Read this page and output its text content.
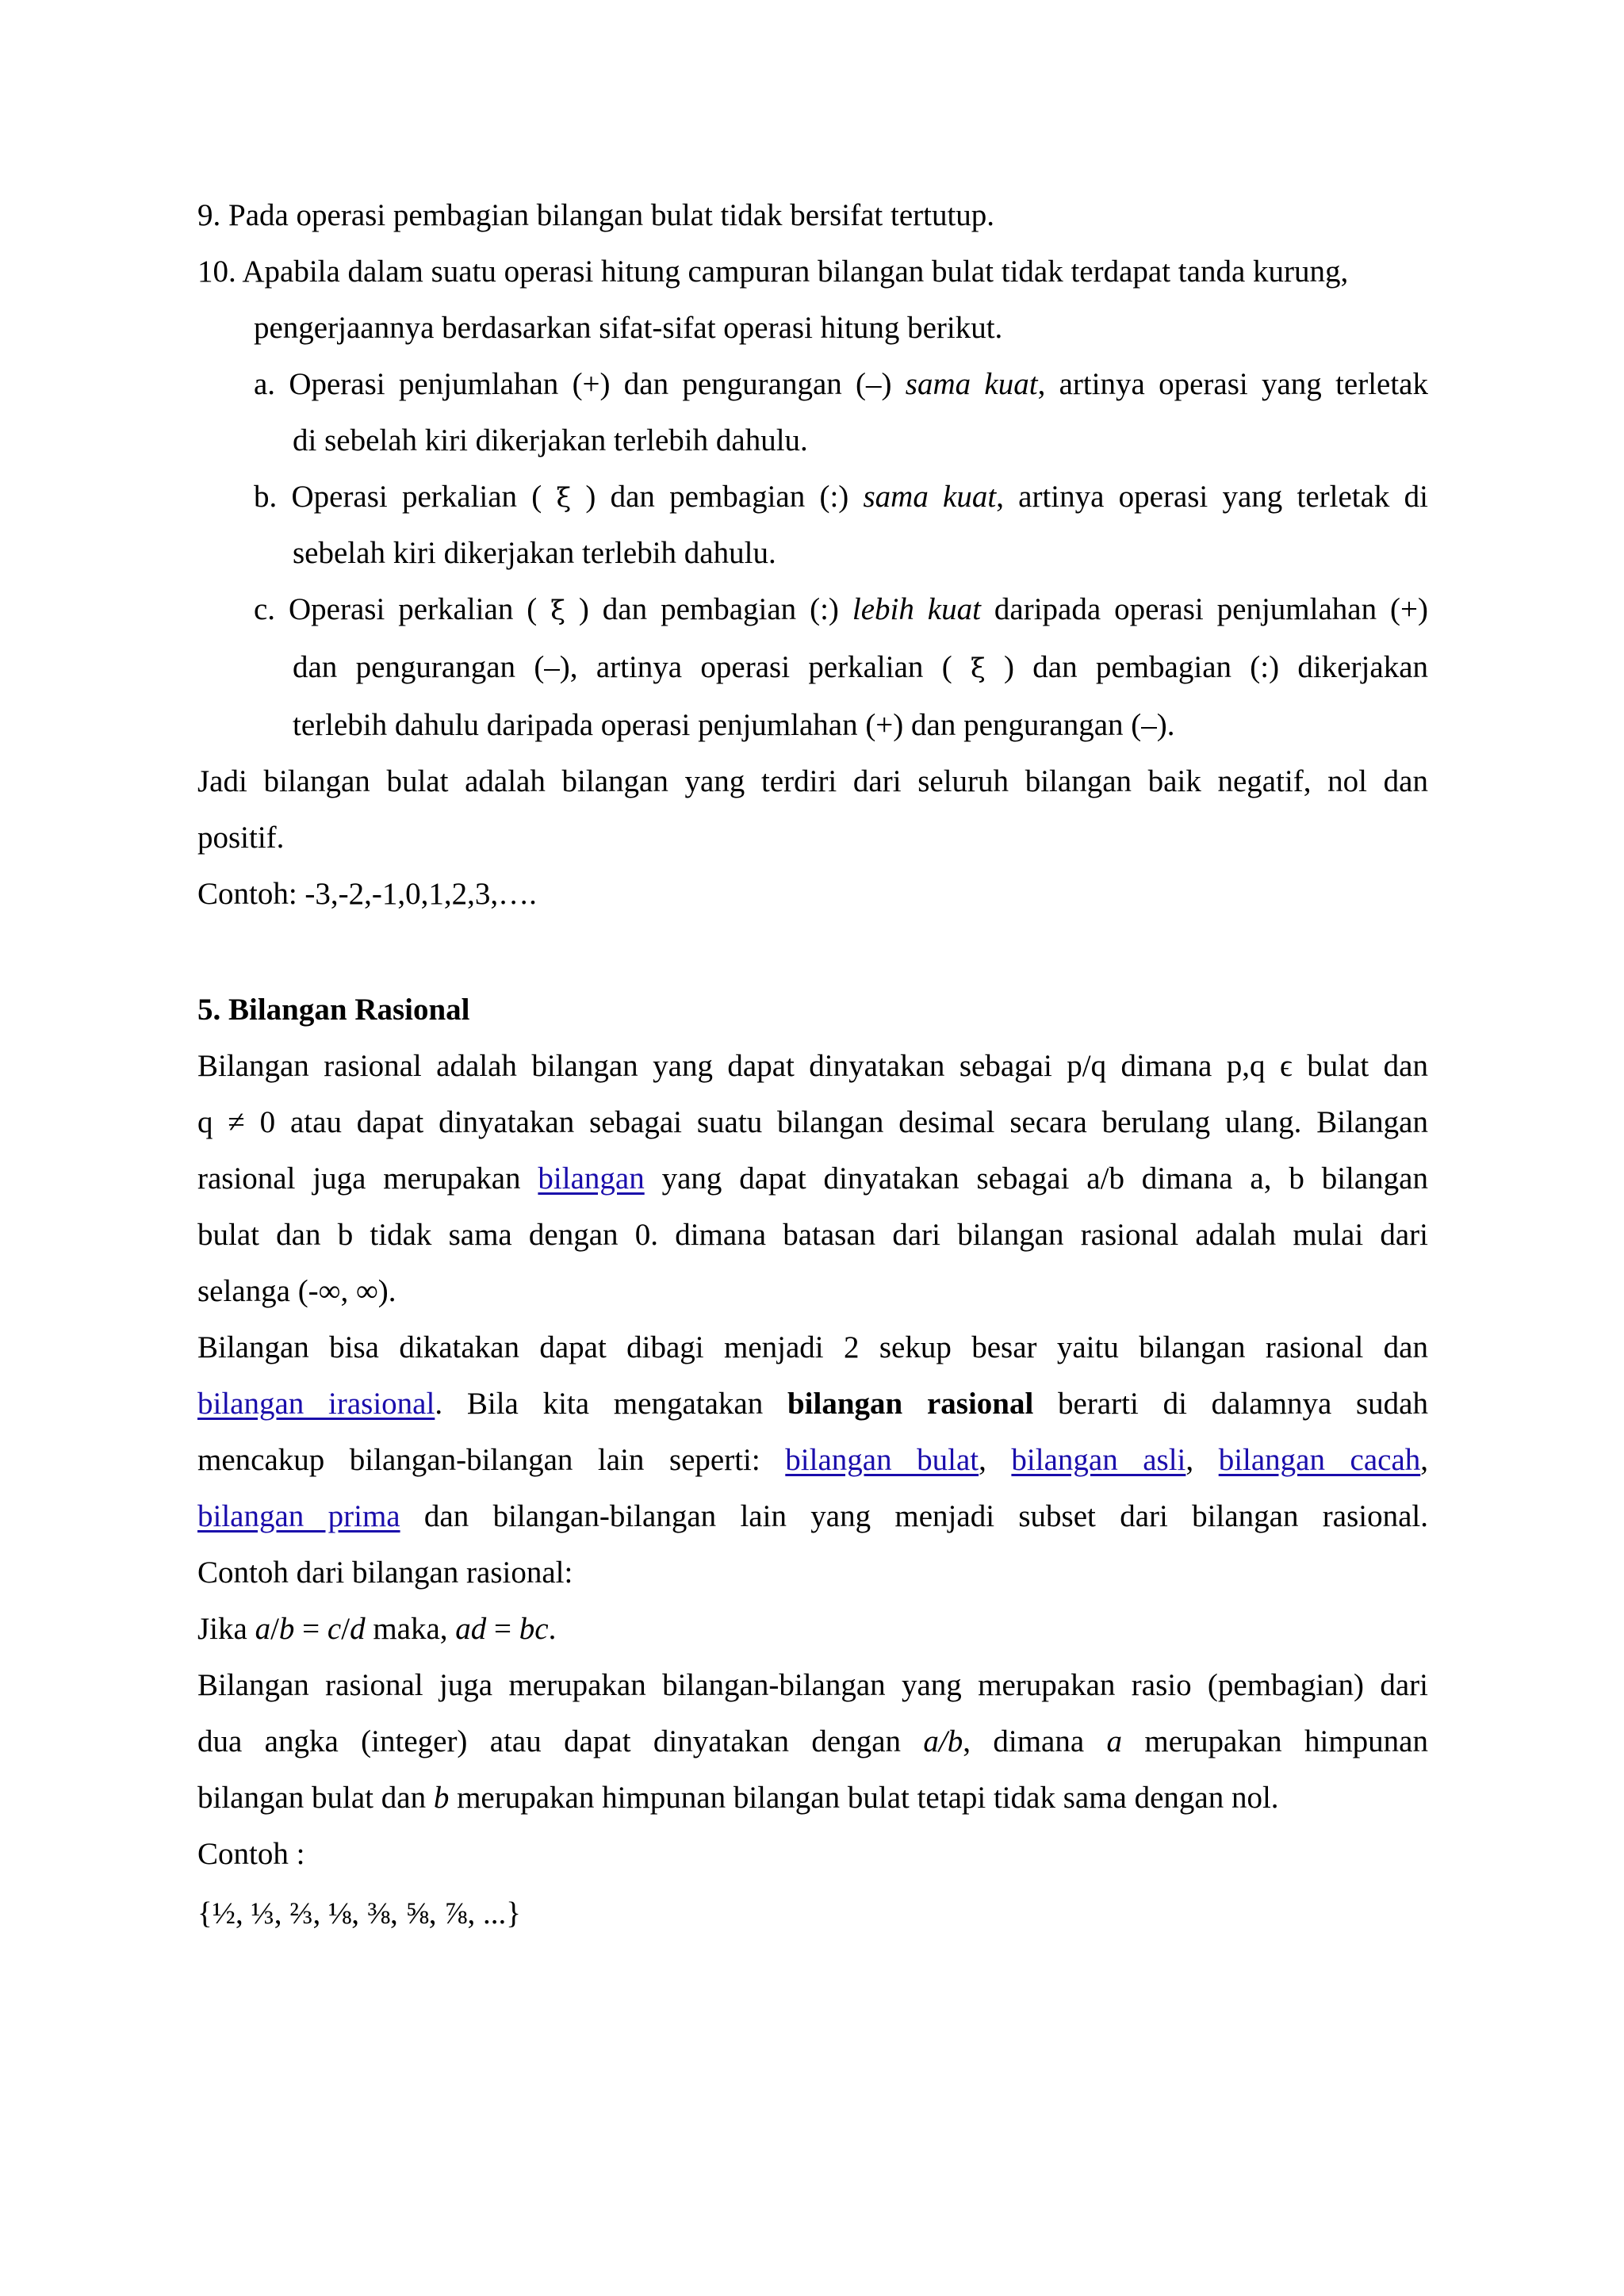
9. Pada operasi pembagian bilangan bulat tidak bersifat tertutup.
10. Apabila dalam suatu operasi hitung campuran bilangan bulat tidak terdapat tanda kurung,
pengerjaannya berdasarkan sifat-sifat operasi hitung berikut.
a. Operasi penjumlahan (+) dan pengurangan (–) sama kuat, artinya operasi yang terletak
di sebelah kiri dikerjakan terlebih dahulu.
b. Operasi perkalian ( ξ ) dan pembagian (:) sama kuat, artinya operasi yang terletak di
sebelah kiri dikerjakan terlebih dahulu.
c. Operasi perkalian ( ξ ) dan pembagian (:) lebih kuat daripada operasi penjumlahan (+)
dan pengurangan (–), artinya operasi perkalian ( ξ ) dan pembagian (:) dikerjakan
terlebih dahulu daripada operasi penjumlahan (+) dan pengurangan (–).
Jadi bilangan bulat adalah bilangan yang terdiri dari seluruh bilangan baik negatif, nol dan
positif.
Contoh: -3,-2,-1,0,1,2,3,….
5. Bilangan Rasional
Bilangan rasional adalah bilangan yang dapat dinyatakan sebagai p/q dimana p,q ϵ bulat dan
q ≠ 0 atau dapat dinyatakan sebagai suatu bilangan desimal secara berulang ulang. Bilangan
rasional juga merupakan bilangan yang dapat dinyatakan sebagai a/b dimana a, b bilangan
bulat dan b tidak sama dengan 0. dimana batasan dari bilangan rasional adalah mulai dari
selanga (-∞, ∞).
Bilangan bisa dikatakan dapat dibagi menjadi 2 sekup besar yaitu bilangan rasional dan
bilangan irasional. Bila kita mengatakan bilangan rasional berarti di dalamnya sudah
mencakup bilangan-bilangan lain seperti: bilangan bulat, bilangan asli, bilangan cacah,
bilangan prima dan bilangan-bilangan lain yang menjadi subset dari bilangan rasional.
Contoh dari bilangan rasional:
Jika a/b = c/d maka, ad = bc.
Bilangan rasional juga merupakan bilangan-bilangan yang merupakan rasio (pembagian) dari
dua angka (integer) atau dapat dinyatakan dengan a/b, dimana a merupakan himpunan
bilangan bulat dan b merupakan himpunan bilangan bulat tetapi tidak sama dengan nol.
Contoh :
{½, ⅓, ⅔, ⅛, ⅜, ⅝, ⅞, ...}
